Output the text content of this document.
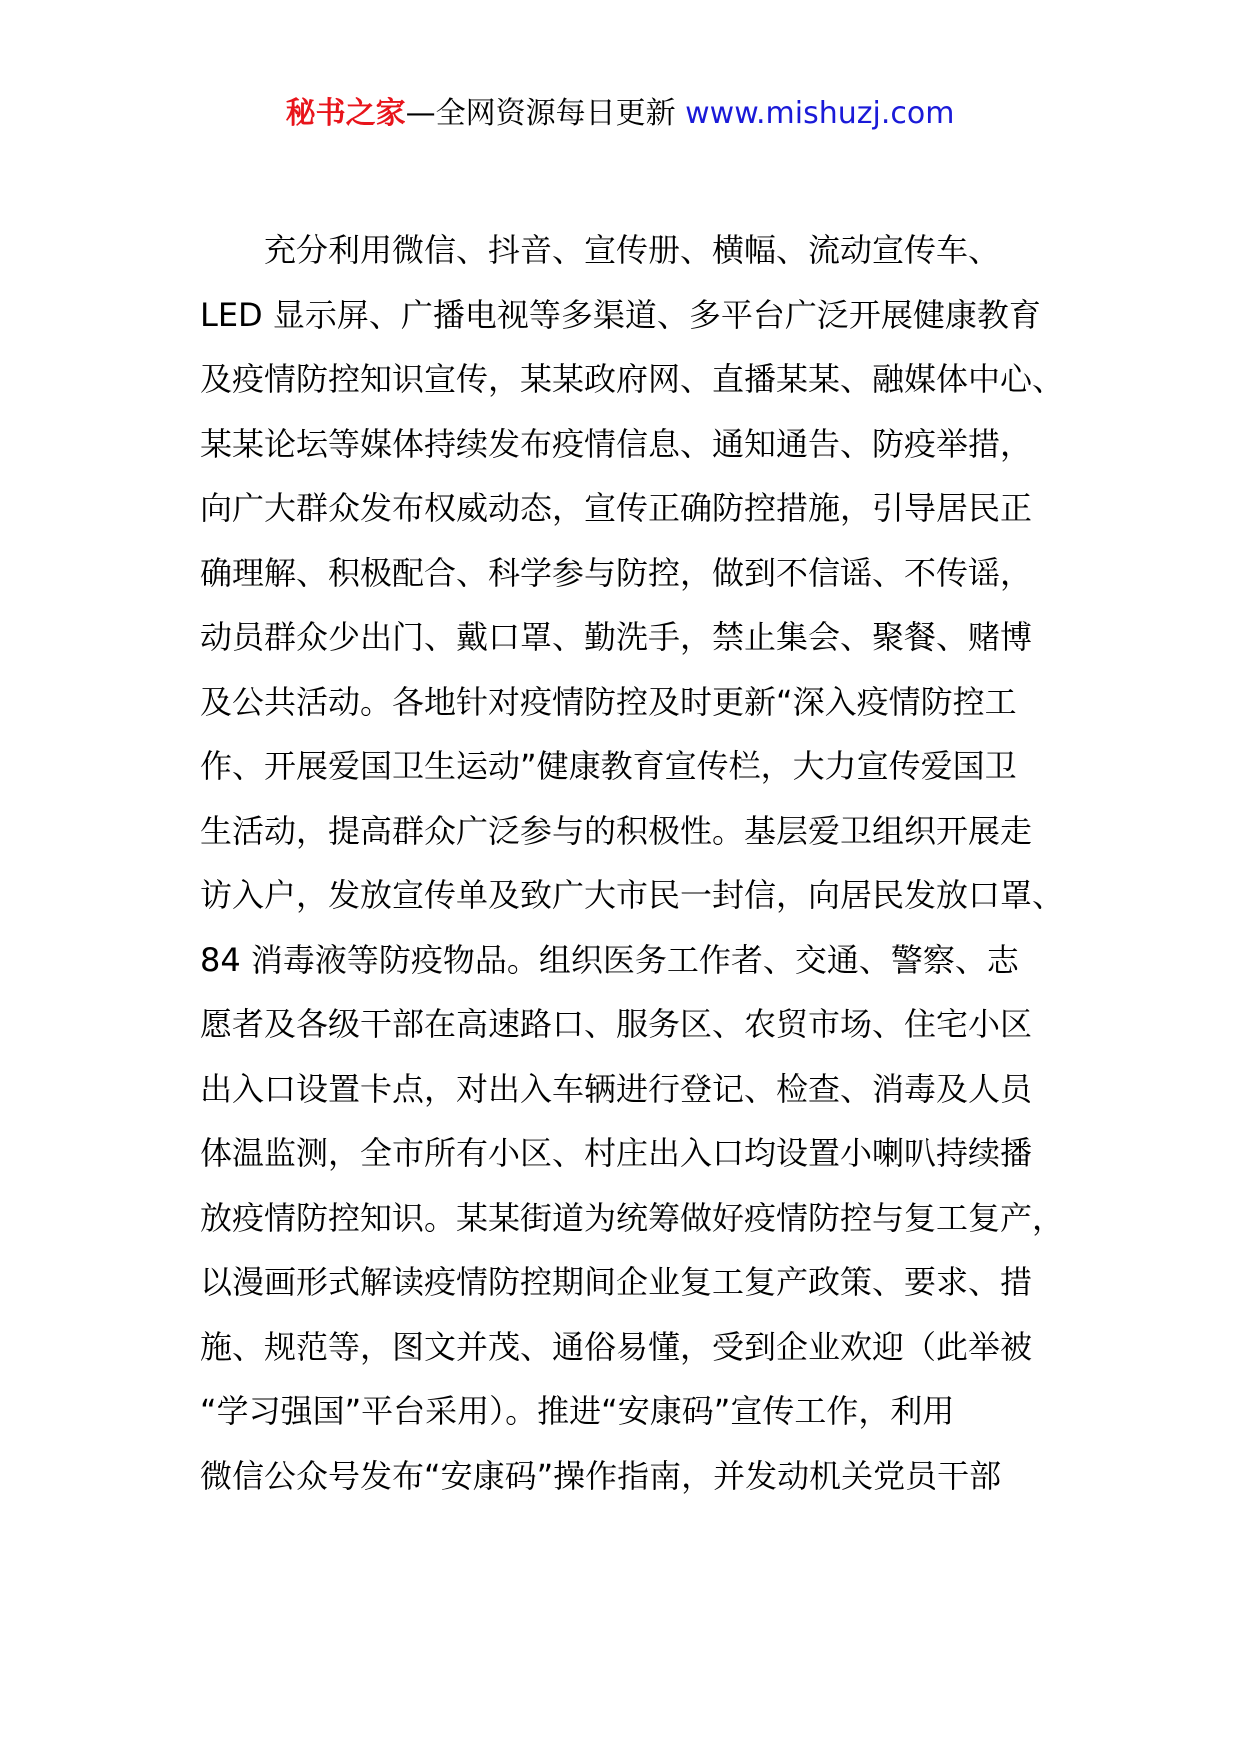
秘书之家—全网资源每日更新 www.mishuzj.com
充分利用微信、抖音、宣传册、横幅、流动宣传车、
LED 显示屏、广播电视等多渠道、多平台广泛开展健康教育
及疫情防控知识宣传，某某政府网、直播某某、融媒体中心、
某某论坛等媒体持续发布疫情信息、通知通告、防疫举措，
向广大群众发布权威动态，宣传正确防控措施，引导居民正
确理解、积极配合、科学参与防控，做到不信谣、不传谣，
动员群众少出门、戴口罩、勤洗手，禁止集会、聚餐、赌博
及公共活动。各地针对疫情防控及时更新“深入疫情防控工
作、开展爱国卫生运动”健康教育宣传栏，大力宣传爱国卫
生活动，提高群众广泛参与的积极性。基层爱卫组织开展走
访入户，发放宣传单及致广大市民一封信，向居民发放口罩、
84 消毒液等防疫物品。组织医务工作者、交通、警察、志
愿者及各级干部在高速路口、服务区、农贸市场、住宅小区
出入口设置卡点，对出入车辆进行登记、检查、消毒及人员
体温监测，全市所有小区、村庄出入口均设置小喇叭持续播
放疫情防控知识。某某街道为统筹做好疫情防控与复工复产，
以漫画形式解读疫情防控期间企业复工复产政策、要求、措
施、规范等，图文并茂、通俗易懂，受到企业欢迎（此举被
“学习强国”平台采用）。推进“安康码”宣传工作，利用
微信公众号发布“安康码”操作指南，并发动机关党员干部
